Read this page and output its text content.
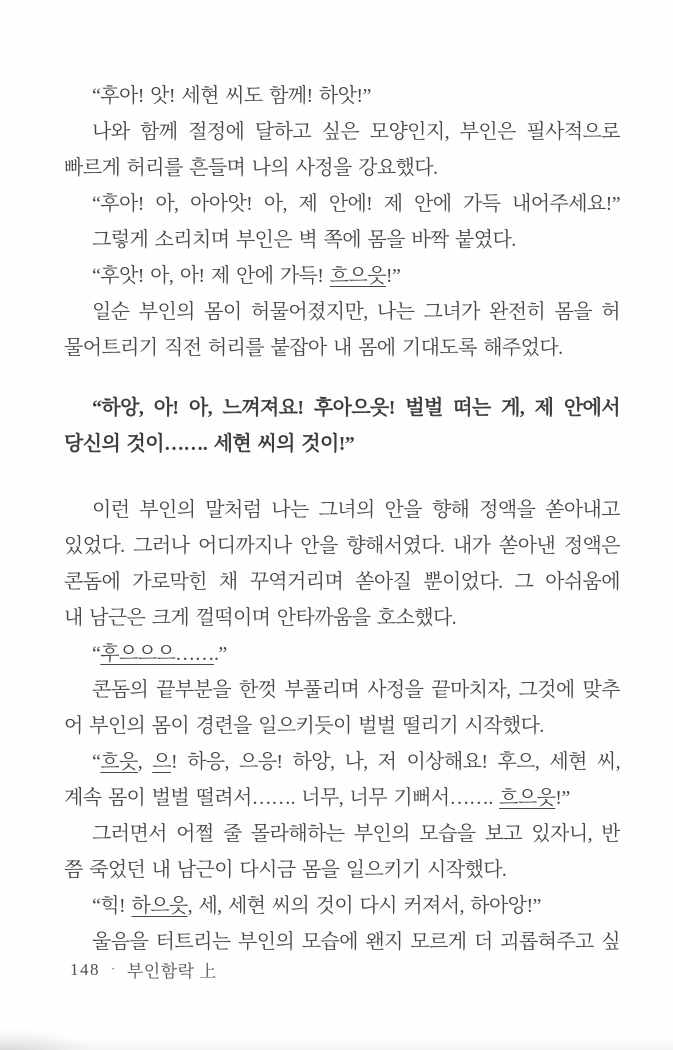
“후아! 앗! 세현 씨도 함께! 하앗!”
나와 함께 절정에 달하고 싶은 모양인지, 부인은 필사적으로
빠르게 허리를 흔들며 나의 사정을 강요했다.
“후아! 아, 아아앗! 아, 제 안에! 제 안에 가득 내어주세요!”
그렇게 소리치며 부인은 벽 쪽에 몸을 바짝 붙였다.
“후앗! 아, 아! 제 안에 가득! 흐으읏!”
일순 부인의 몸이 허물어졌지만, 나는 그녀가 완전히 몸을 허
물어트리기 직전 허리를 붙잡아 내 몸에 기대도록 해주었다.
“하앙, 아! 아, 느껴져요! 후아으읏! 벌벌 떠는 게, 제 안에서
당신의 것이……. 세현 씨의 것이!”
이런 부인의 말처럼 나는 그녀의 안을 향해 정액을 쏟아내고
있었다. 그러나 어디까지나 안을 향해서였다. 내가 쏟아낸 정액은
콘돔에 가로막힌 채 꾸역거리며 쏟아질 뿐이었다. 그 아쉬움에
내 남근은 크게 껄떡이며 안타까움을 호소했다.
“후으으으…….”
콘돔의 끝부분을 한껏 부풀리며 사정을 끝마치자, 그것에 맞추
어 부인의 몸이 경련을 일으키듯이 벌벌 떨리기 시작했다.
“흐읏, 으! 하응, 으응! 하앙, 나, 저 이상해요! 후으, 세현 씨,
계속 몸이 벌벌 떨려서……. 너무, 너무 기뻐서……. 흐으읏!”
그러면서 어쩔 줄 몰라해하는 부인의 모습을 보고 있자니, 반
쯤 죽었던 내 남근이 다시금 몸을 일으키기 시작했다.
“힉! 하으읏, 세, 세현 씨의 것이 다시 커져서, 하아앙!”
울음을 터트리는 부인의 모습에 왠지 모르게 더 괴롭혀주고 싶
148 · 부인함락 上
